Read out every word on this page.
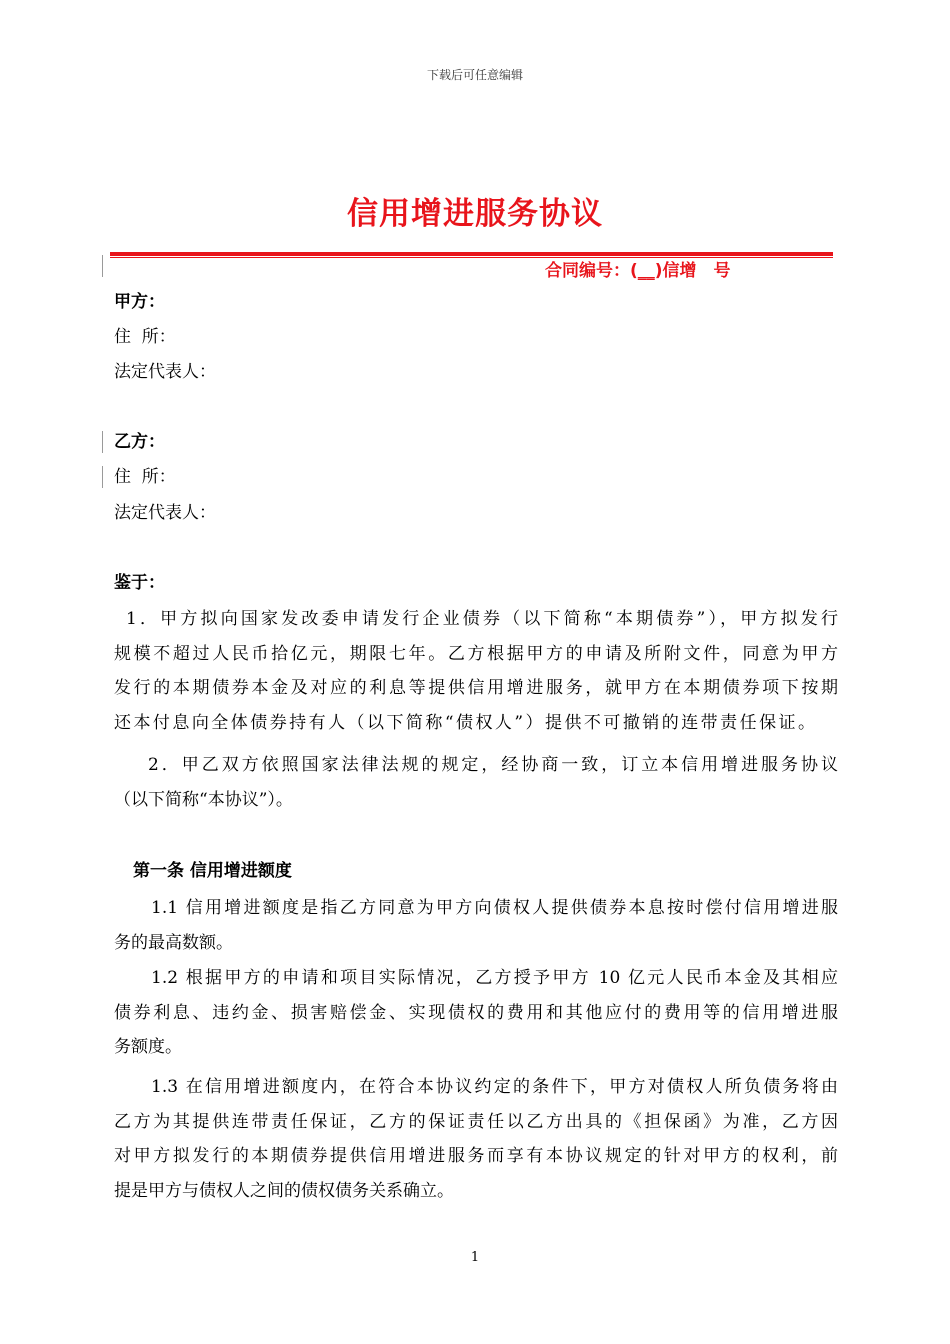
下载后可任意编辑
信用增进服务协议
合同编号：(__)信增　号
甲方：
住  所：
法定代表人：
乙方：
住  所：
法定代表人：
鉴于：
1．甲方拟向国家发改委申请发行企业债券（以下简称“本期债券”），甲方拟发行
规模不超过人民币拾亿元，期限七年。乙方根据甲方的申请及所附文件，同意为甲方
发行的本期债券本金及对应的利息等提供信用增进服务，就甲方在本期债券项下按期
还本付息向全体债券持有人（以下简称“债权人”）提供不可撤销的连带责任保证。
2．甲乙双方依照国家法律法规的规定，经协商一致，订立本信用增进服务协议
（以下简称“本协议”）。
第一条 信用增进额度
1.1 信用增进额度是指乙方同意为甲方向债权人提供债券本息按时偿付信用增进服
务的最高数额。
1.2 根据甲方的申请和项目实际情况，乙方授予甲方 10 亿元人民币本金及其相应
债券利息、违约金、损害赔偿金、实现债权的费用和其他应付的费用等的信用增进服
务额度。
1.3 在信用增进额度内，在符合本协议约定的条件下，甲方对债权人所负债务将由
乙方为其提供连带责任保证，乙方的保证责任以乙方出具的《担保函》为准，乙方因
对甲方拟发行的本期债券提供信用增进服务而享有本协议规定的针对甲方的权利，前
提是甲方与债权人之间的债权债务关系确立。
1
